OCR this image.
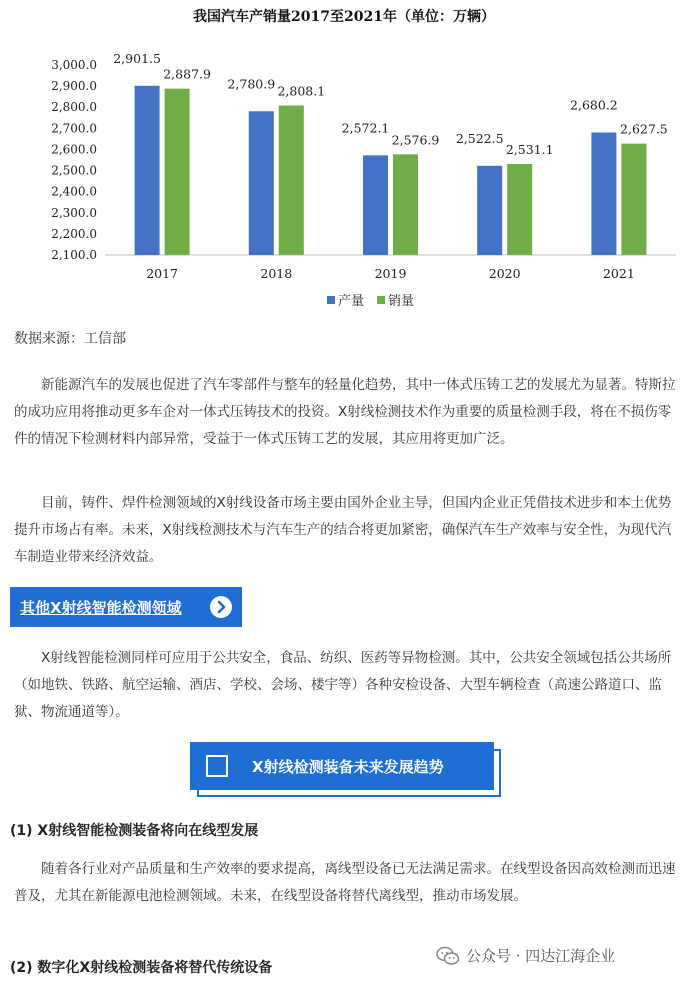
2,100.0
2,200.0
2,300.0
2,400.0
2,500.0
2,600.0
2,700.0
2,800.0
2,900.0
3,000.0 2,901.5
2,887.9
2017
2,780.9 2,808.1
2018
2,572.1
2,576.9
2019
2,522.5
2,531.1
2020
2,680.2
2,627.5
2021
产量 销量
我国汽车产销量2017至2021年（单位：万辆）
数据来源：工信部

新能源汽车的发展也促进了汽车零部件与整车的轻量化趋势，其中一体式压铸工艺的发展尤为显著。特斯拉的成功应用将推动更多车企对一体式压铸技术的投资。X射线检测技术作为重要的质量检测手段，将在不损伤零件的情况下检测材料内部异常，受益于一体式压铸工艺的发展，其应用将更加广泛。

目前，铸件、焊件检测领域的X射线设备市场主要由国外企业主导，但国内企业正凭借技术进步和本土优势提升市场占有率。未来，X射线检测技术与汽车生产的结合将更加紧密，确保汽车生产效率与安全性，为现代汽车制造业带来经济效益。

其他X射线智能检测领域

X射线智能检测同样可应用于公共安全，食品、纺织、医药等异物检测。其中，公共安全领域包括公共场所（如地铁、铁路、航空运输、酒店、学校、会场、楼宇等）各种安检设备、大型车辆检查（高速公路道口、监狱、物流通道等）。

X射线检测装备未来发展趋势
(1) X射线智能检测装备将向在线型发展

随着各行业对产品质量和生产效率的要求提高，离线型设备已无法满足需求。在线型设备因高效检测而迅速普及，尤其在新能源电池检测领域。未来，在线型设备将替代离线型，推动市场发展。

(2) 数字化X射线检测装备将替代传统设备
公众号 · 四达江海企业
